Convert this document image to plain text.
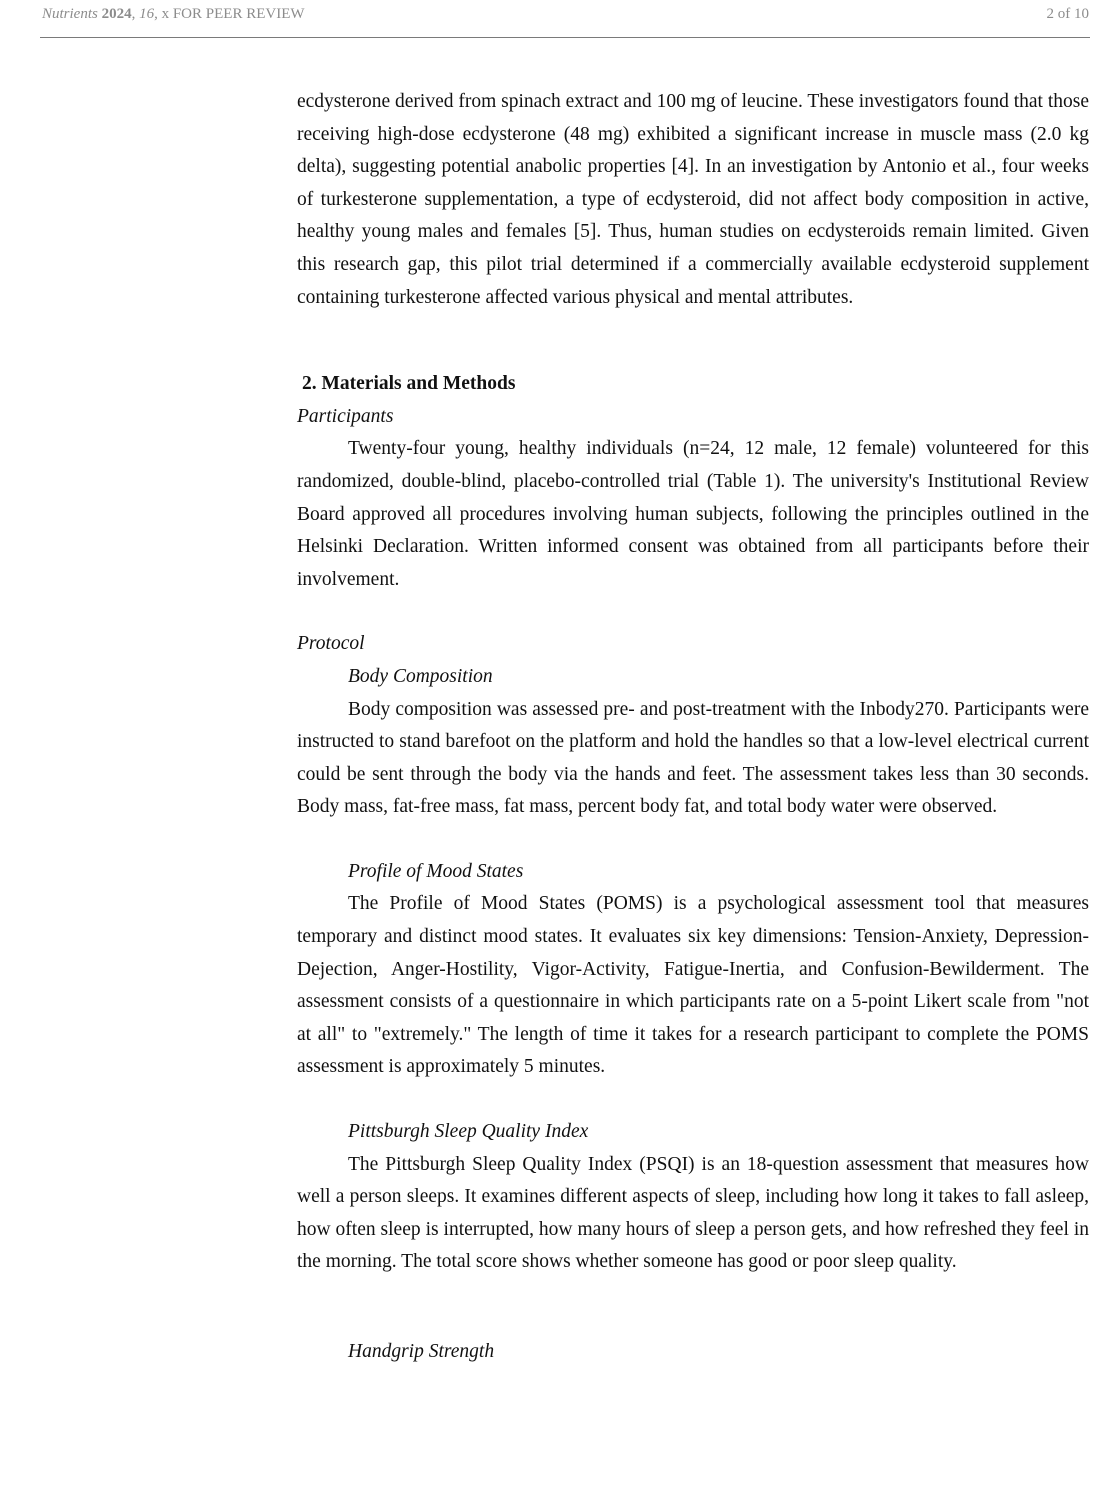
Nutrients 2024, 16, x FOR PEER REVIEW	2 of 10

ecdysterone derived from spinach extract and 100 mg of leucine. These investigators found that those receiving high-dose ecdysterone (48 mg) exhibited a significant increase in muscle mass (2.0 kg delta), suggesting potential anabolic properties [4]. In an investigation by Antonio et al., four weeks of turkesterone supplementation, a type of ecdysteroid, did not affect body composition in active, healthy young males and females [5]. Thus, human studies on ecdysteroids remain limited. Given this research gap, this pilot trial determined if a commercially available ecdysteroid supplement containing turkesterone affected various physical and mental attributes.

2. Materials and Methods

Participants

Twenty-four young, healthy individuals (n=24, 12 male, 12 female) volunteered for this randomized, double-blind, placebo-controlled trial (Table 1). The university's Institutional Review Board approved all procedures involving human subjects, following the principles outlined in the Helsinki Declaration. Written informed consent was obtained from all participants before their involvement.

Protocol

Body Composition

Body composition was assessed pre- and post-treatment with the Inbody270. Participants were instructed to stand barefoot on the platform and hold the handles so that a low-level electrical current could be sent through the body via the hands and feet. The assessment takes less than 30 seconds. Body mass, fat-free mass, fat mass, percent body fat, and total body water were observed.

Profile of Mood States

The Profile of Mood States (POMS) is a psychological assessment tool that measures temporary and distinct mood states. It evaluates six key dimensions: Tension-Anxiety, Depression-Dejection, Anger-Hostility, Vigor-Activity, Fatigue-Inertia, and Confusion-Bewilderment. The assessment consists of a questionnaire in which participants rate on a 5-point Likert scale from "not at all" to "extremely." The length of time it takes for a research participant to complete the POMS assessment is approximately 5 minutes.

Pittsburgh Sleep Quality Index

The Pittsburgh Sleep Quality Index (PSQI) is an 18-question assessment that measures how well a person sleeps. It examines different aspects of sleep, including how long it takes to fall asleep, how often sleep is interrupted, how many hours of sleep a person gets, and how refreshed they feel in the morning. The total score shows whether someone has good or poor sleep quality.

Handgrip Strength
